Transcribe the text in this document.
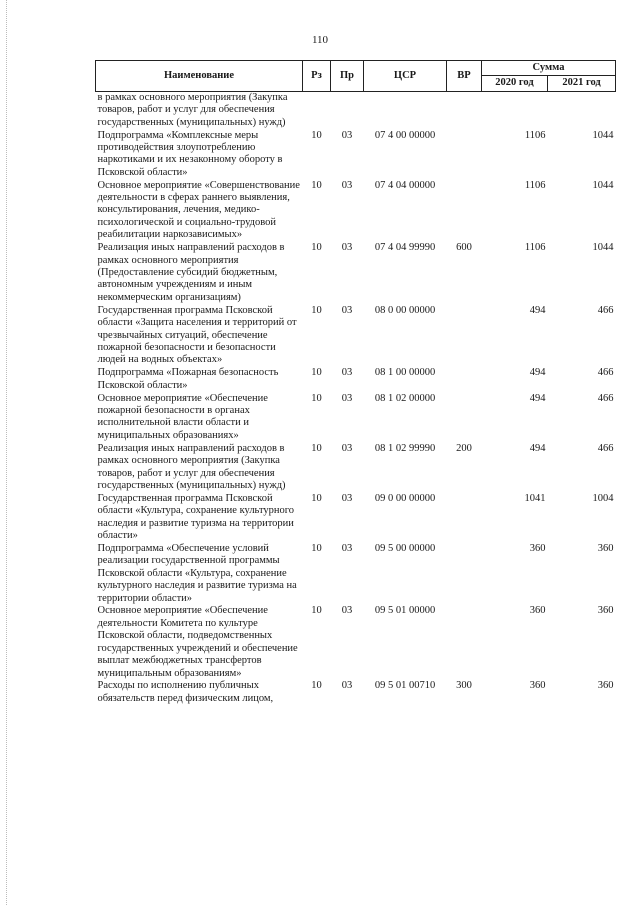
110
Наименование	Рз	Пр	ЦСР	ВР	Сумма	
					2020 год	2021 год
в рамках основного мероприятия (Закупка товаров, работ и услуг для обеспечения государственных (муниципальных) нужд)						
Подпрограмма «Комплексные меры противодействия злоупотреблению наркотиками и их незаконному обороту в Псковской области»	10	03	07 4 00 00000		1106	1044
Основное мероприятие «Совершенствование деятельности в сферах раннего выявления, консультирования, лечения, медико-психологической и социально-трудовой реабилитации наркозависимых»	10	03	07 4 04 00000		1106	1044
Реализация иных направлений расходов в рамках основного мероприятия (Предоставление субсидий бюджетным, автономным учреждениям и иным некоммерческим организациям)	10	03	07 4 04 99990	600	1106	1044
Государственная программа Псковской области «Защита населения и территорий от чрезвычайных ситуаций, обеспечение пожарной безопасности и безопасности людей на водных объектах»	10	03	08 0 00 00000		494	466
Подпрограмма «Пожарная безопасность Псковской области»	10	03	08 1 00 00000		494	466
Основное мероприятие «Обеспечение пожарной безопасности в органах исполнительной власти области и муниципальных образованиях»	10	03	08 1 02 00000		494	466
Реализация иных направлений расходов в рамках основного мероприятия (Закупка товаров, работ и услуг для обеспечения государственных (муниципальных) нужд)	10	03	08 1 02 99990	200	494	466
Государственная программа Псковской области «Культура, сохранение культурного наследия и развитие туризма на территории области»	10	03	09 0 00 00000		1041	1004
Подпрограмма «Обеспечение условий реализации государственной программы Псковской области «Культура, сохранение культурного наследия и развитие туризма на территории области»	10	03	09 5 00 00000		360	360
Основное мероприятие «Обеспечение деятельности Комитета по культуре Псковской области, подведомственных государственных учреждений и обеспечение выплат межбюджетных трансфертов муниципальным образованиям»	10	03	09 5 01 00000		360	360
Расходы по исполнению публичных обязательств перед физическим лицом,	10	03	09 5 01 00710	300	360	360
